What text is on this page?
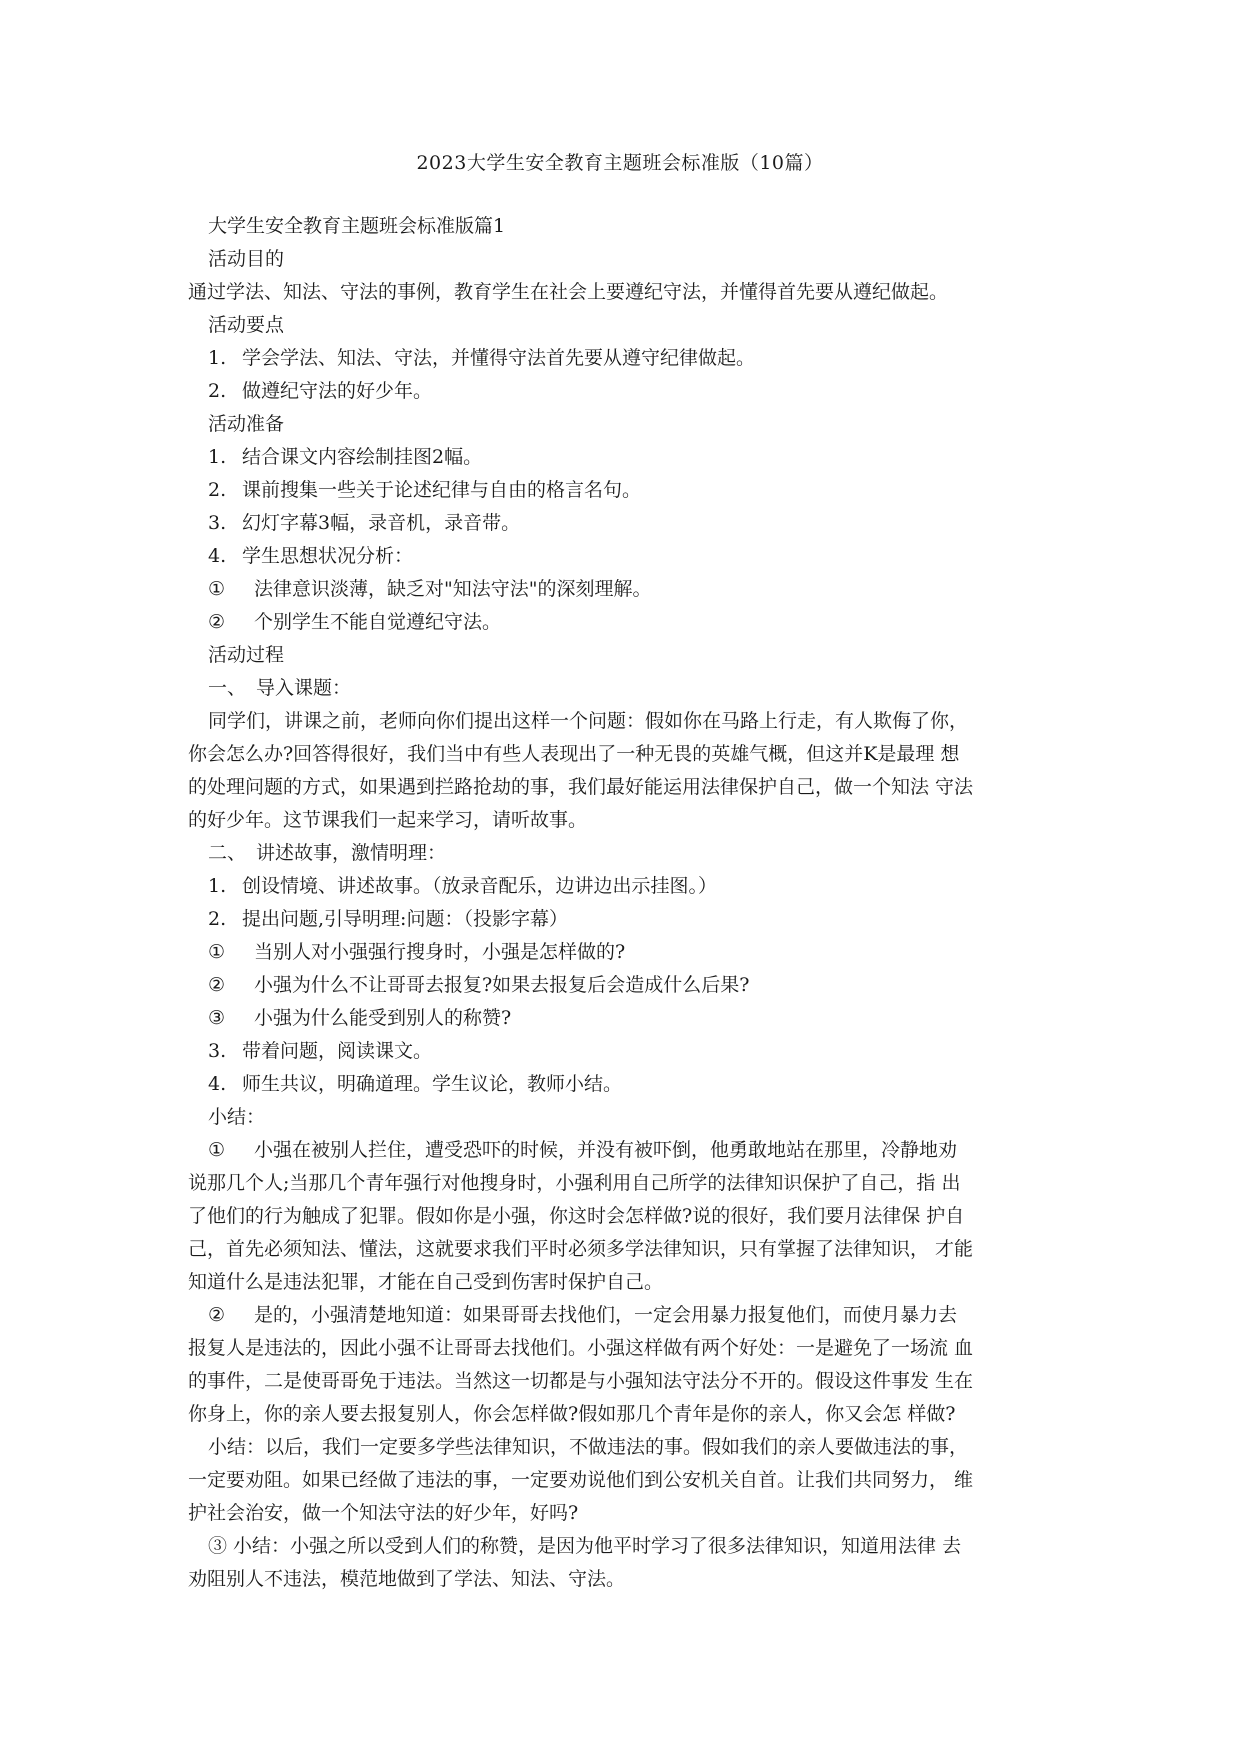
2023大学生安全教育主题班会标准版（10篇）
大学生安全教育主题班会标准版篇1
活动目的
通过学法、知法、守法的事例，教育学生在社会上要遵纪守法，并懂得首先要从遵纪做起。
活动要点
1. 学会学法、知法、守法，并懂得守法首先要从遵守纪律做起。
2. 做遵纪守法的好少年。
活动准备
1. 结合课文内容绘制挂图2幅。
2. 课前搜集一些关于论述纪律与自由的格言名句。
3. 幻灯字幕3幅，录音机，录音带。
4. 学生思想状况分析：
① 法律意识淡薄，缺乏对"知法守法"的深刻理解。
② 个别学生不能自觉遵纪守法。
活动过程
一、 导入课题：
同学们，讲课之前，老师向你们提出这样一个问题：假如你在马路上行走，有人欺侮了你，
你会怎么办?回答得很好，我们当中有些人表现出了一种无畏的英雄气概，但这并K是最理 想
的处理问题的方式，如果遇到拦路抢劫的事，我们最好能运用法律保护自己，做一个知法 守法
的好少年。这节课我们一起来学习，请听故事。
二、 讲述故事，激情明理：
1. 创设情境、讲述故事。（放录音配乐，边讲边出示挂图。）
2. 提出问题,引导明理:问题：（投影字幕）
① 当别人对小强强行搜身时，小强是怎样做的?
② 小强为什么不让哥哥去报复?如果去报复后会造成什么后果?
③ 小强为什么能受到别人的称赞?
3. 带着问题，阅读课文。
4. 师生共议，明确道理。学生议论，教师小结。
小结：
① 小强在被别人拦住，遭受恐吓的时候，并没有被吓倒，他勇敢地站在那里，冷静地劝
说那几个人;当那几个青年强行对他搜身时，小强利用自己所学的法律知识保护了自己，指 出
了他们的行为触成了犯罪。假如你是小强，你这时会怎样做?说的很好，我们要月法律保 护自
己，首先必须知法、懂法，这就要求我们平时必须多学法律知识，只有掌握了法律知识， 才能
知道什么是违法犯罪，才能在自己受到伤害时保护自己。
② 是的，小强清楚地知道：如果哥哥去找他们，一定会用暴力报复他们，而使月暴力去
报复人是违法的，因此小强不让哥哥去找他们。小强这样做有两个好处：一是避免了一场流 血
的事件，二是使哥哥免于违法。当然这一切都是与小强知法守法分不开的。假设这件事发 生在
你身上，你的亲人要去报复别人，你会怎样做?假如那几个青年是你的亲人，你又会怎 样做?
小结：以后，我们一定要多学些法律知识，不做违法的事。假如我们的亲人要做违法的事，
一定要劝阻。如果已经做了违法的事，一定要劝说他们到公安机关自首。让我们共同努力， 维
护社会治安，做一个知法守法的好少年，好吗?
③ 小结：小强之所以受到人们的称赞，是因为他平时学习了很多法律知识，知道用法律 去
劝阻别人不违法，模范地做到了学法、知法、守法。
